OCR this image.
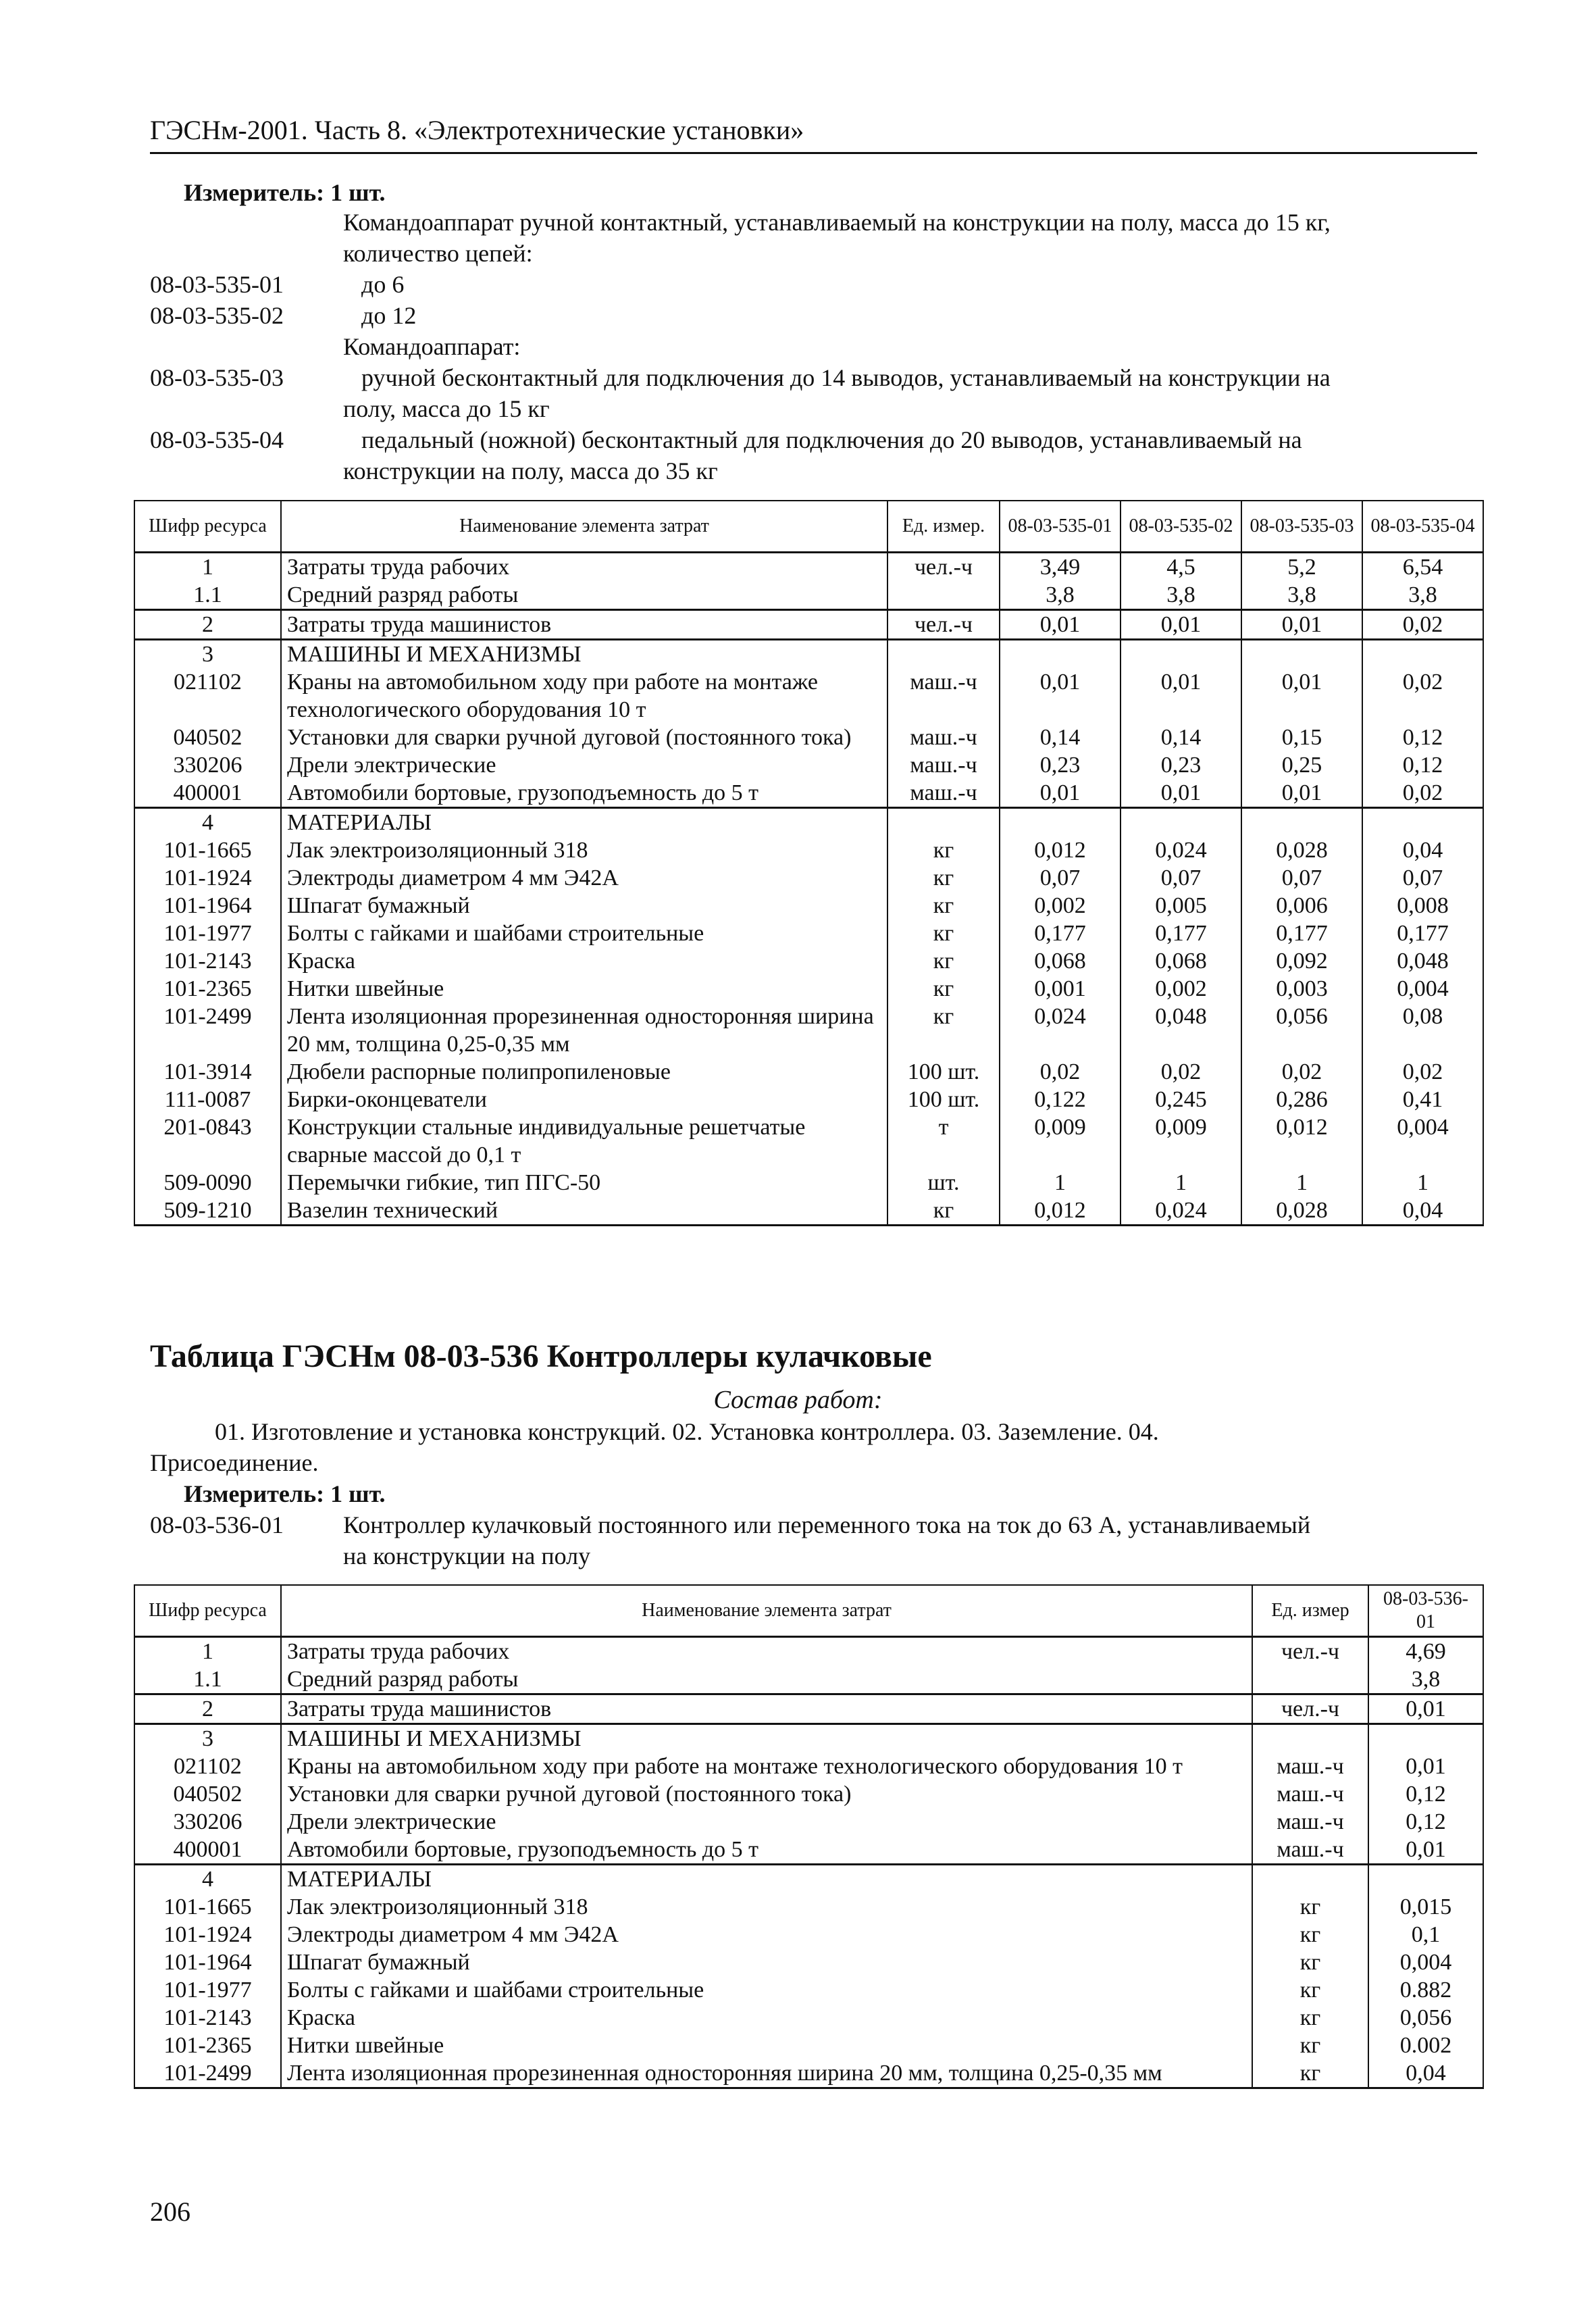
ГЭСНм-2001. Часть 8. «Электротехнические установки»
Измеритель: 1 шт.
Командоаппарат ручной контактный, устанавливаемый на конструкции на полу, масса до 15 кг,
количество цепей:
08-03-535-01	до 6
08-03-535-02	до 12
Командоаппарат:
08-03-535-03	ручной бесконтактный для подключения до 14 выводов, устанавливаемый на конструкции на
полу, масса до 15 кг
08-03-535-04	педальный (ножной) бесконтактный для подключения до 20 выводов, устанавливаемый на
конструкции на полу, масса до 35 кг
Шифр ресурса	Наименование элемента затрат	Ед. измер.	08-03-535-01	08-03-535-02	08-03-535-03	08-03-535-04
1	Затраты труда рабочих	чел.-ч	3,49	4,5	5,2	6,54
1.1	Средний разряд работы		3,8	3,8	3,8	3,8
2	Затраты труда машинистов	чел.-ч	0,01	0,01	0,01	0,02
3	МАШИНЫ И МЕХАНИЗМЫ					
021102	Краны на автомобильном ходу при работе на монтаже технологического оборудования 10 т	маш.-ч	0,01	0,01	0,01	0,02
040502	Установки для сварки ручной дуговой (постоянного тока)	маш.-ч	0,14	0,14	0,15	0,12
330206	Дрели электрические	маш.-ч	0,23	0,23	0,25	0,12
400001	Автомобили бортовые, грузоподъемность до 5 т	маш.-ч	0,01	0,01	0,01	0,02
4	МАТЕРИАЛЫ					
101-1665	Лак электроизоляционный 318	кг	0,012	0,024	0,028	0,04
101-1924	Электроды диаметром 4 мм Э42А	кг	0,07	0,07	0,07	0,07
101-1964	Шпагат бумажный	кг	0,002	0,005	0,006	0,008
101-1977	Болты с гайками и шайбами строительные	кг	0,177	0,177	0,177	0,177
101-2143	Краска	кг	0,068	0,068	0,092	0,048
101-2365	Нитки швейные	кг	0,001	0,002	0,003	0,004
101-2499	Лента изоляционная прорезиненная односторонняя ширина 20 мм, толщина 0,25-0,35 мм	кг	0,024	0,048	0,056	0,08
101-3914	Дюбели распорные полипропиленовые	100 шт.	0,02	0,02	0,02	0,02
111-0087	Бирки-оконцеватели	100 шт.	0,122	0,245	0,286	0,41
201-0843	Конструкции стальные индивидуальные решетчатые сварные массой до 0,1 т	т	0,009	0,009	0,012	0,004
509-0090	Перемычки гибкие, тип ПГС-50	шт.	1	1	1	1
509-1210	Вазелин технический	кг	0,012	0,024	0,028	0,04
Таблица ГЭСНм 08-03-536 Контроллеры кулачковые
Состав работ:
01. Изготовление и установка конструкций. 02. Установка контроллера. 03. Заземление. 04.
Присоединение.
Измеритель: 1 шт.
08-03-536-01 Контроллер кулачковый постоянного или переменного тока на ток до 63 А, устанавливаемый
на конструкции на полу
Шифр ресурса	Наименование элемента затрат	Ед. измер	08-03-536-01
1	Затраты труда рабочих	чел.-ч	4,69
1.1	Средний разряд работы		3,8
2	Затраты труда машинистов	чел.-ч	0,01
3	МАШИНЫ И МЕХАНИЗМЫ		
021102	Краны на автомобильном ходу при работе на монтаже технологического оборудования 10 т	маш.-ч	0,01
040502	Установки для сварки ручной дуговой (постоянного тока)	маш.-ч	0,12
330206	Дрели электрические	маш.-ч	0,12
400001	Автомобили бортовые, грузоподъемность до 5 т	маш.-ч	0,01
4	МАТЕРИАЛЫ		
101-1665	Лак электроизоляционный 318	кг	0,015
101-1924	Электроды диаметром 4 мм Э42А	кг	0,1
101-1964	Шпагат бумажный	кг	0,004
101-1977	Болты с гайками и шайбами строительные	кг	0.882
101-2143	Краска	кг	0,056
101-2365	Нитки швейные	кг	0.002
101-2499	Лента изоляционная прорезиненная односторонняя ширина 20 мм, толщина 0,25-0,35 мм	кг	0,04
206
